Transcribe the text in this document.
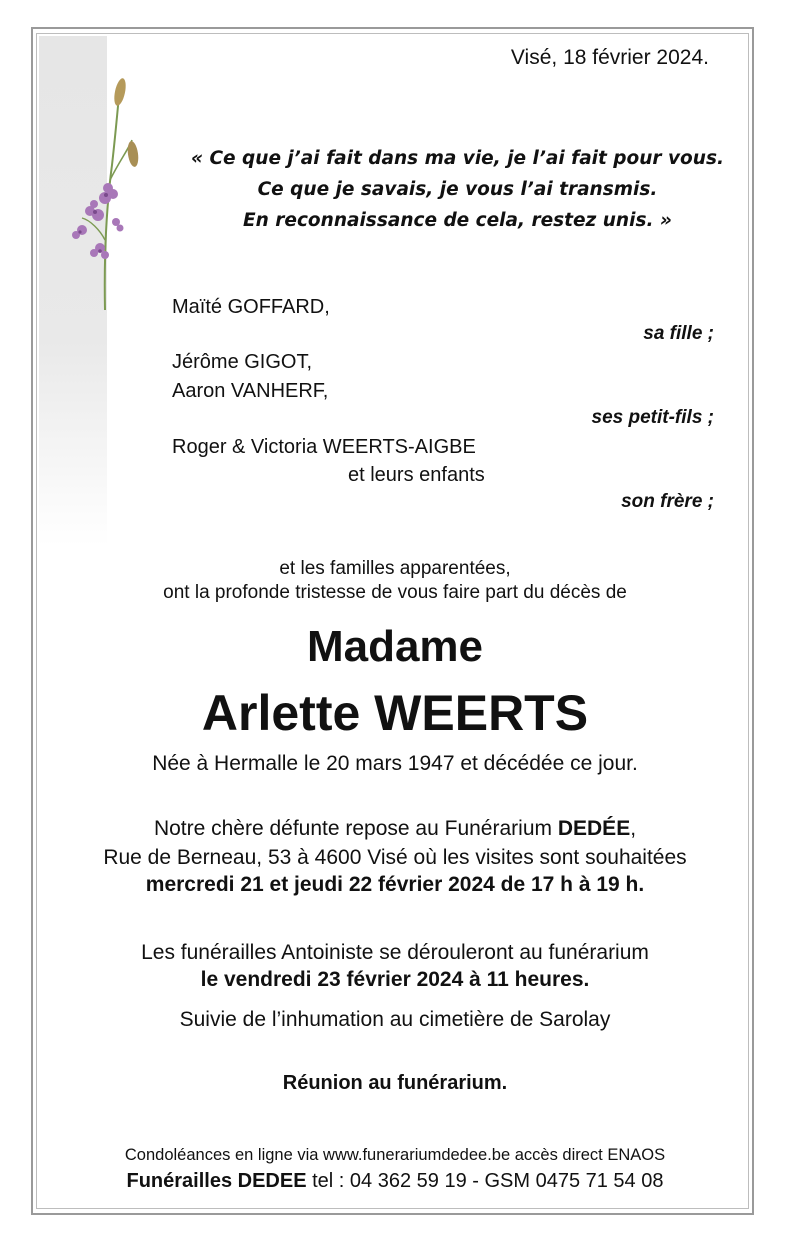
Visé, 18 février 2024.
« Ce que j’ai fait dans ma vie, je l’ai fait pour vous.
Ce que je savais, je vous l’ai transmis.
En reconnaissance de cela, restez unis. »
Maïté GOFFARD,
sa fille ;
Jérôme GIGOT,
Aaron VANHERF,
ses petit-fils ;
Roger & Victoria WEERTS-AIGBE
et leurs enfants
son frère ;
et les familles apparentées,
ont la profonde tristesse de vous faire part du décès de
Madame
Arlette WEERTS
Née à Hermalle le 20 mars 1947 et décédée ce jour.
Notre chère défunte repose au Funérarium DEDÉE,
Rue de Berneau, 53 à 4600 Visé où les visites sont souhaitées
mercredi 21 et jeudi 22 février 2024 de 17 h à 19 h.
Les funérailles Antoiniste se dérouleront au funérarium
le vendredi 23 février 2024 à 11 heures.
Suivie de l’inhumation au cimetière de Sarolay
Réunion au funérarium.
Condoléances en ligne via www.funerariumdedee.be accès direct ENAOS
Funérailles DEDEE tel : 04 362 59 19 - GSM 0475 71 54 08
